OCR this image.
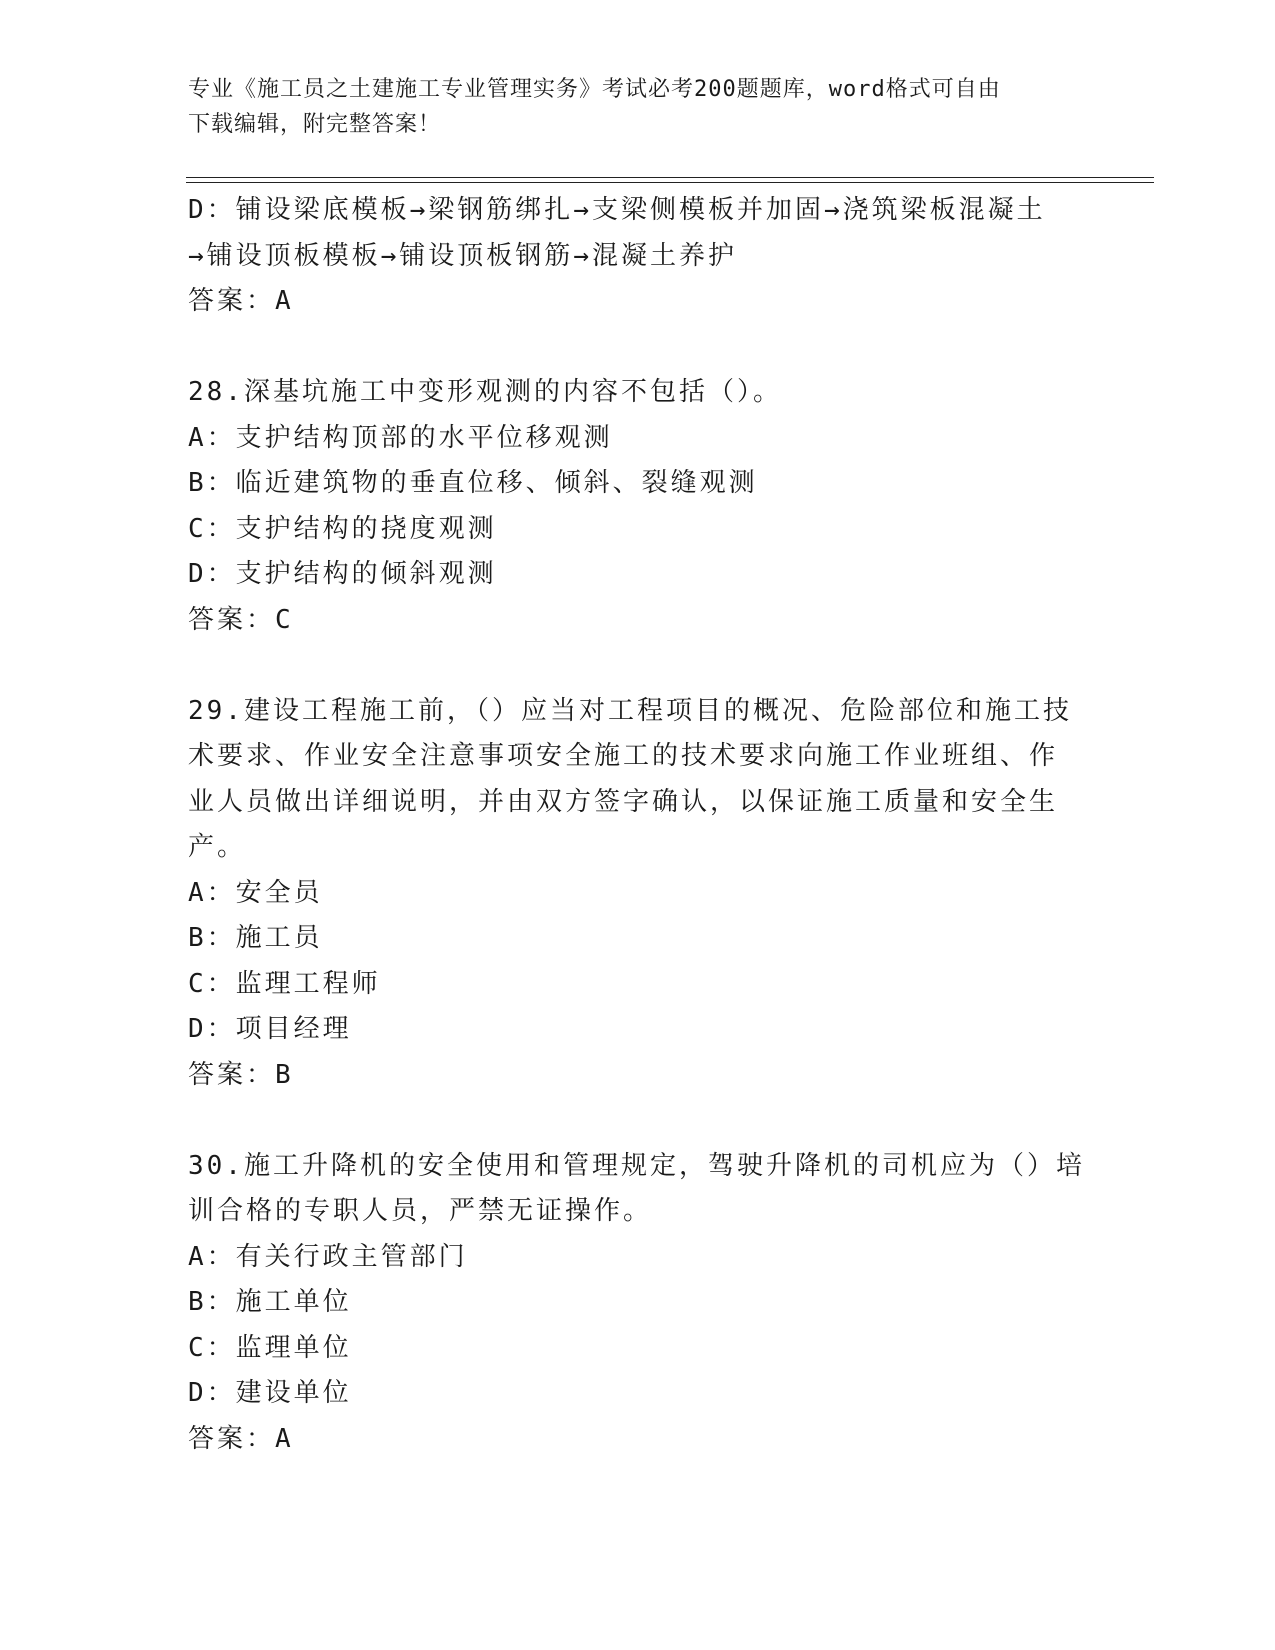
专业《施工员之土建施工专业管理实务》考试必考200题题库，word格式可自由
下载编辑，附完整答案！
D：铺设梁底模板→梁钢筋绑扎→支梁侧模板并加固→浇筑梁板混凝土
→铺设顶板模板→铺设顶板钢筋→混凝土养护
答案：A
28.深基坑施工中变形观测的内容不包括（）。
A：支护结构顶部的水平位移观测
B：临近建筑物的垂直位移、倾斜、裂缝观测
C：支护结构的挠度观测
D：支护结构的倾斜观测
答案：C
29.建设工程施工前，（）应当对工程项目的概况、危险部位和施工技
术要求、作业安全注意事项安全施工的技术要求向施工作业班组、作
业人员做出详细说明，并由双方签字确认，以保证施工质量和安全生
产。
A：安全员
B：施工员
C：监理工程师
D：项目经理
答案：B
30.施工升降机的安全使用和管理规定，驾驶升降机的司机应为（）培
训合格的专职人员，严禁无证操作。
A：有关行政主管部门
B：施工单位
C：监理单位
D：建设单位
答案：A
